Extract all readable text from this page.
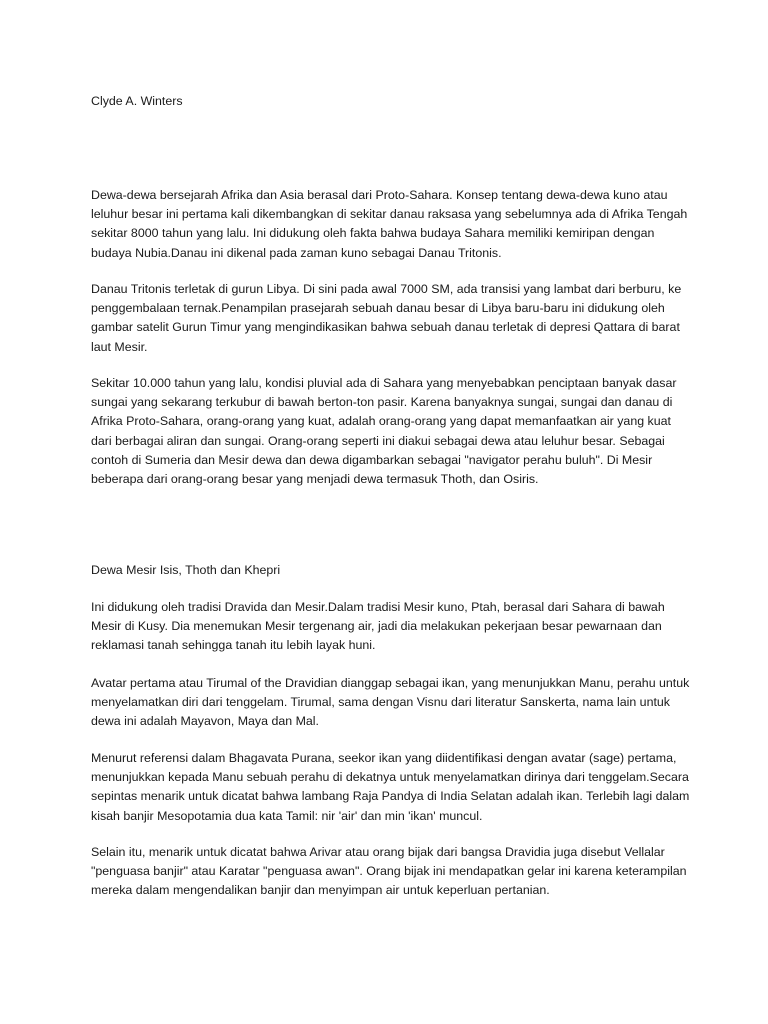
Clyde A. Winters

Dewa-dewa bersejarah Afrika dan Asia berasal dari Proto-Sahara. Konsep tentang dewa-dewa kuno atau leluhur besar ini pertama kali dikembangkan di sekitar danau raksasa yang sebelumnya ada di Afrika Tengah sekitar 8000 tahun yang lalu. Ini didukung oleh fakta bahwa budaya Sahara memiliki kemiripan dengan budaya Nubia.Danau ini dikenal pada zaman kuno sebagai Danau Tritonis.

Danau Tritonis terletak di gurun Libya. Di sini pada awal 7000 SM, ada transisi yang lambat dari berburu, ke penggembalaan ternak.Penampilan prasejarah sebuah danau besar di Libya baru-baru ini didukung oleh gambar satelit Gurun Timur yang mengindikasikan bahwa sebuah danau terletak di depresi Qattara di barat laut Mesir.

Sekitar 10.000 tahun yang lalu, kondisi pluvial ada di Sahara yang menyebabkan penciptaan banyak dasar sungai yang sekarang terkubur di bawah berton-ton pasir. Karena banyaknya sungai, sungai dan danau di Afrika Proto-Sahara, orang-orang yang kuat, adalah orang-orang yang dapat memanfaatkan air yang kuat dari berbagai aliran dan sungai. Orang-orang seperti ini diakui sebagai dewa atau leluhur besar. Sebagai contoh di Sumeria dan Mesir dewa dan dewa digambarkan sebagai "navigator perahu buluh". Di Mesir beberapa dari orang-orang besar yang menjadi dewa termasuk Thoth, dan Osiris.

Dewa Mesir Isis, Thoth dan Khepri

Ini didukung oleh tradisi Dravida dan Mesir.Dalam tradisi Mesir kuno, Ptah, berasal dari Sahara di bawah Mesir di Kusy. Dia menemukan Mesir tergenang air, jadi dia melakukan pekerjaan besar pewarnaan dan reklamasi tanah sehingga tanah itu lebih layak huni.

Avatar pertama atau Tirumal of the Dravidian dianggap sebagai ikan, yang menunjukkan Manu, perahu untuk menyelamatkan diri dari tenggelam. Tirumal, sama dengan Visnu dari literatur Sanskerta, nama lain untuk dewa ini adalah Mayavon, Maya dan Mal.

Menurut referensi dalam Bhagavata Purana, seekor ikan yang diidentifikasi dengan avatar (sage) pertama, menunjukkan kepada Manu sebuah perahu di dekatnya untuk menyelamatkan dirinya dari tenggelam.Secara sepintas menarik untuk dicatat bahwa lambang Raja Pandya di India Selatan adalah ikan. Terlebih lagi dalam kisah banjir Mesopotamia dua kata Tamil: nir 'air' dan min 'ikan' muncul.

Selain itu, menarik untuk dicatat bahwa Arivar atau orang bijak dari bangsa Dravidia juga disebut Vellalar "penguasa banjir" atau Karatar "penguasa awan". Orang bijak ini mendapatkan gelar ini karena keterampilan mereka dalam mengendalikan banjir dan menyimpan air untuk keperluan pertanian.
